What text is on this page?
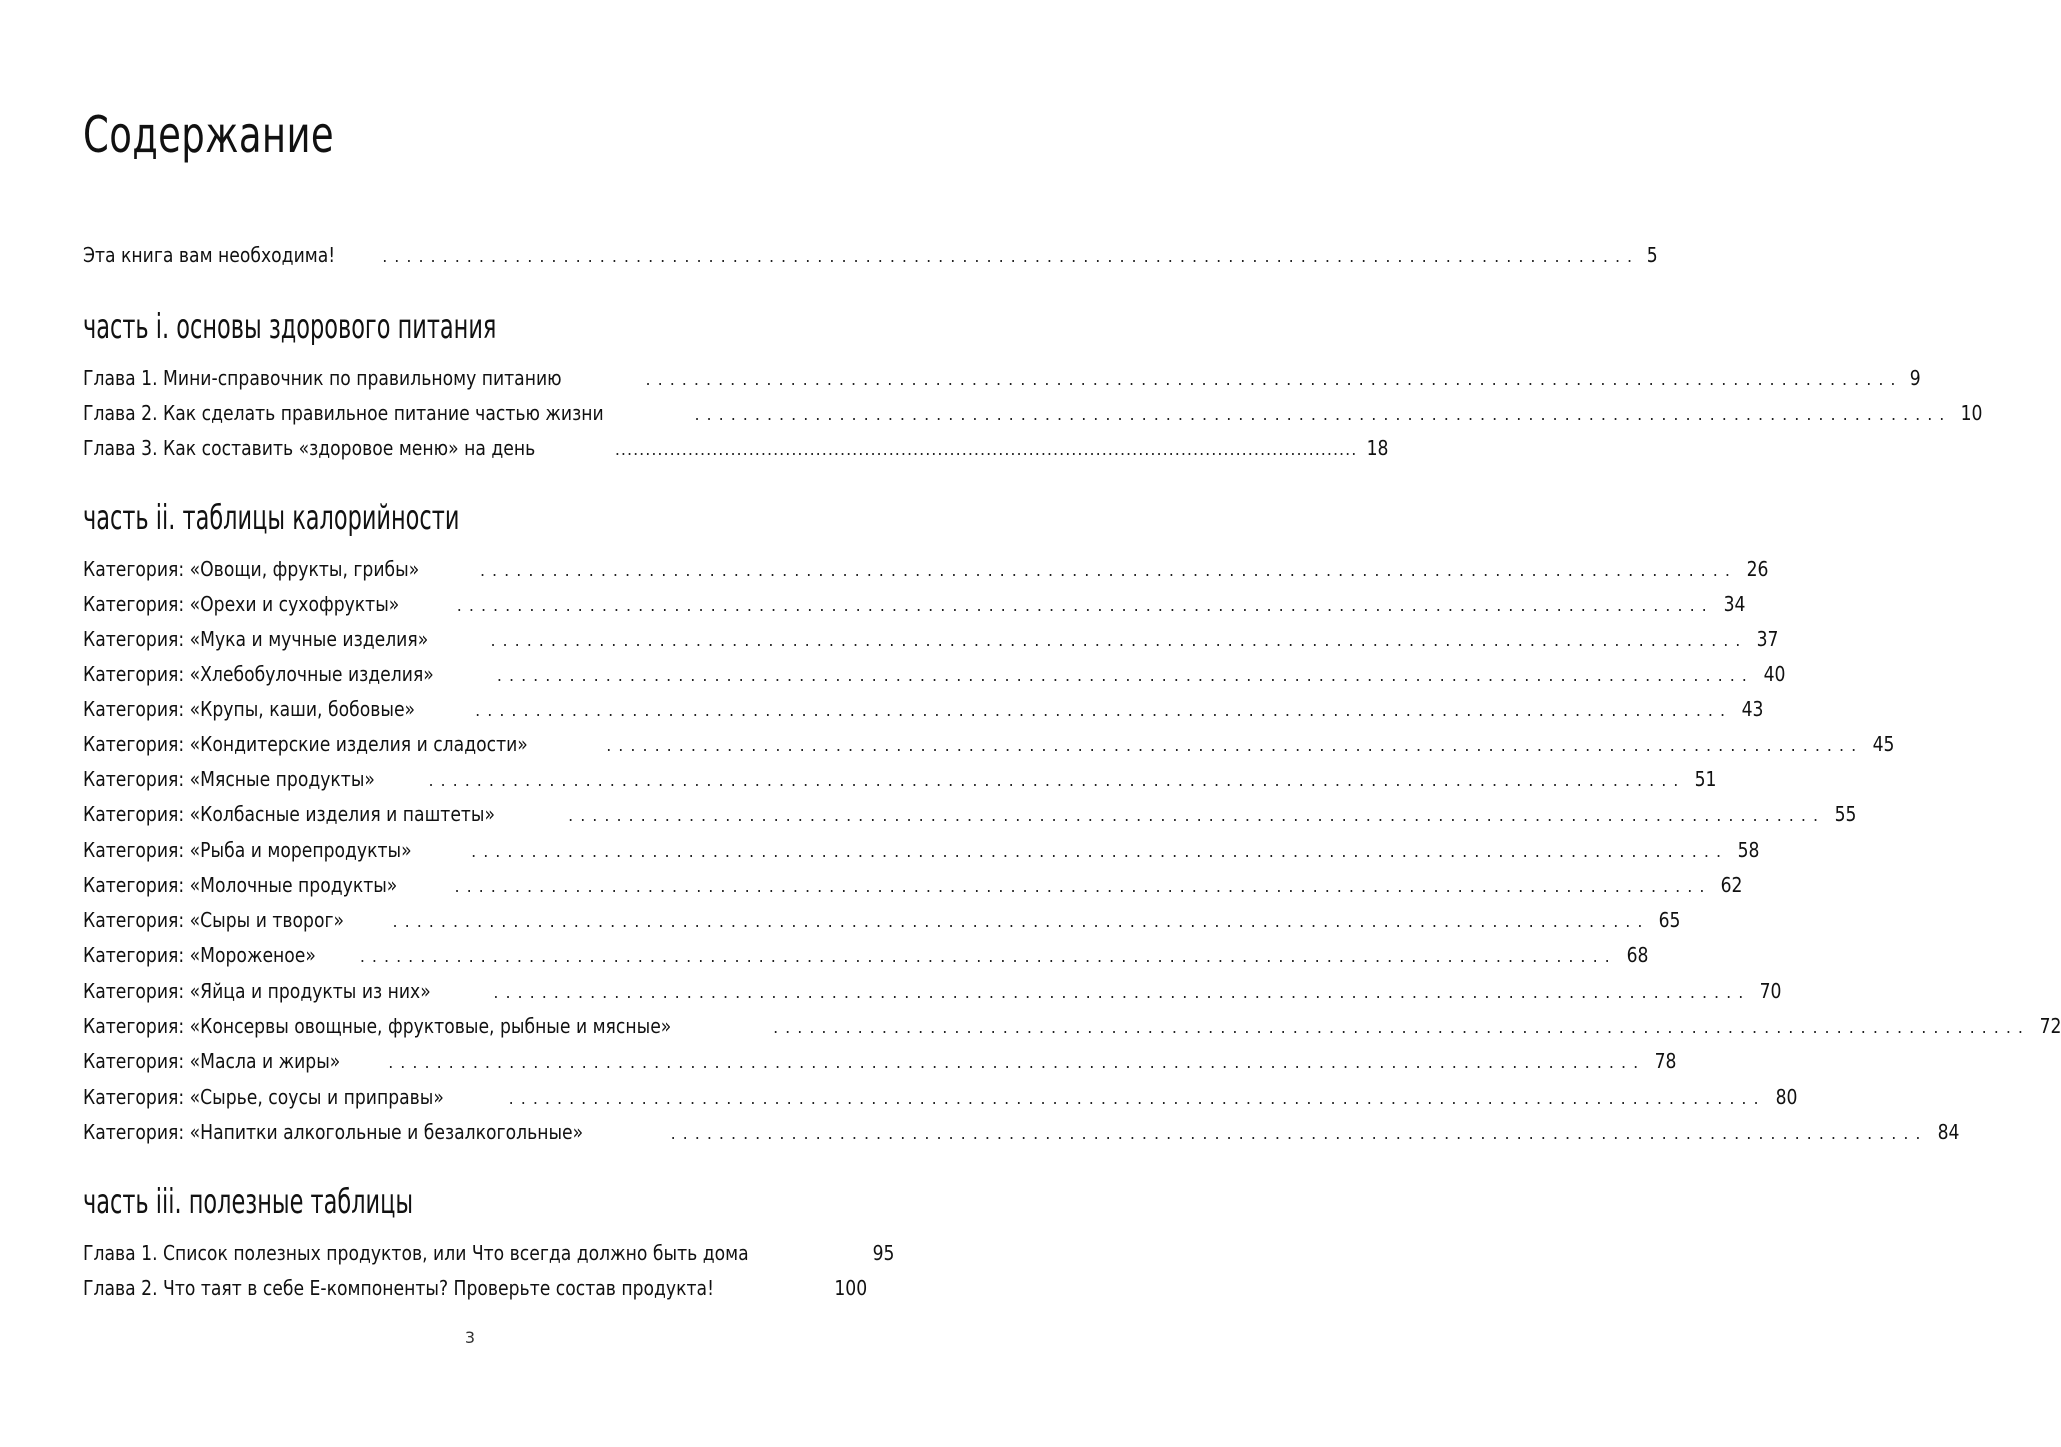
Содержание
Эта книга вам необходима!	........................................................................................................ 5
часть i. основы здорового питания
Глава 1. Мини-справочник по правильному питанию	........................................................................................................ 9
Глава 2. Как сделать правильное питание частью жизни	........................................................................................................ 10
Глава 3. Как составить «здоровое меню» на день	.......................................................................................................................... 18
часть ii. таблицы калорийности
Категория: «Овощи, фрукты, грибы»	........................................................................................................ 26
Категория: «Орехи и сухофрукты»	........................................................................................................ 34
Категория: «Мука и мучные изделия»	........................................................................................................ 37
Категория: «Хлебобулочные изделия»	........................................................................................................ 40
Категория: «Крупы, каши, бобовые»	........................................................................................................ 43
Категория: «Кондитерские изделия и сладости»	........................................................................................................ 45
Категория: «Мясные продукты»	........................................................................................................ 51
Категория: «Колбасные изделия и паштеты»	........................................................................................................ 55
Категория: «Рыба и морепродукты»	........................................................................................................ 58
Категория: «Молочные продукты»	........................................................................................................ 62
Категория: «Сыры и творог»	........................................................................................................ 65
Категория: «Мороженое»	........................................................................................................ 68
Категория: «Яйца и продукты из них»	........................................................................................................ 70
Категория: «Консервы овощные, фруктовые, рыбные и мясные»	........................................................................................................ 72
Категория: «Масла и жиры»	........................................................................................................ 78
Категория: «Сырье, соусы и приправы»	........................................................................................................ 80
Категория: «Напитки алкогольные и безалкогольные»	........................................................................................................ 84
часть iii. полезные таблицы
Глава 1. Список полезных продуктов, или Что всегда должно быть дома	95
Глава 2. Что таят в себе Е-компоненты? Проверьте состав продукта!	100
3
